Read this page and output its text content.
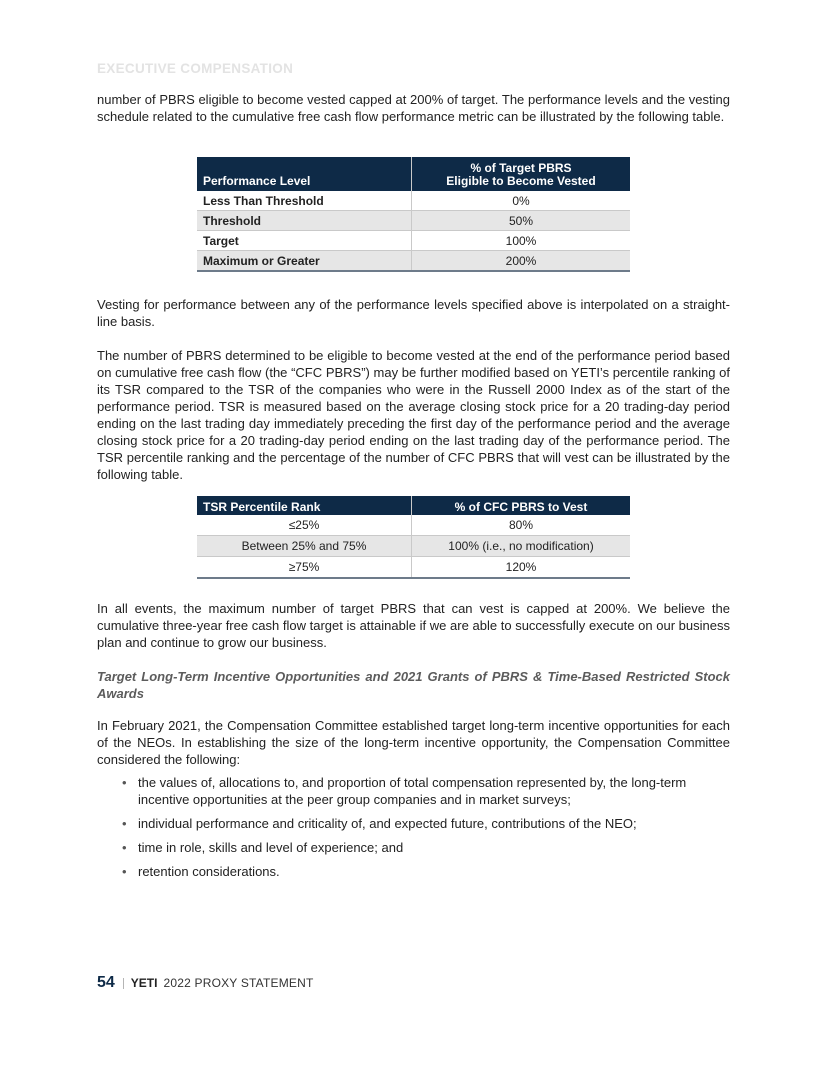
EXECUTIVE COMPENSATION

number of PBRS eligible to become vested capped at 200% of target. The performance levels and the vesting schedule related to the cumulative free cash flow performance metric can be illustrated by the following table.

Performance Level	% of Target PBRS
Eligible to Become Vested

Less Than Threshold	0%
Threshold	50%
Target	100%
Maximum or Greater	200%

Vesting for performance between any of the performance levels specified above is interpolated on a straight-line basis.

The number of PBRS determined to be eligible to become vested at the end of the performance period based on cumulative free cash flow (the “CFC PBRS”) may be further modified based on YETI’s percentile ranking of its TSR compared to the TSR of the companies who were in the Russell 2000 Index as of the start of the performance period. TSR is measured based on the average closing stock price for a 20 trading-day period ending on the last trading day immediately preceding the first day of the performance period and the average closing stock price for a 20 trading-day period ending on the last trading day of the performance period. The TSR percentile ranking and the percentage of the number of CFC PBRS that will vest can be illustrated by the following table.

TSR Percentile Rank	% of CFC PBRS to Vest
≤25%	80%
Between 25% and 75%	100% (i.e., no modification)
≥75%	120%

In all events, the maximum number of target PBRS that can vest is capped at 200%. We believe the cumulative three-year free cash flow target is attainable if we are able to successfully execute on our business plan and continue to grow our business.

Target Long-Term Incentive Opportunities and 2021 Grants of PBRS & Time-Based Restricted Stock Awards

In February 2021, the Compensation Committee established target long-term incentive opportunities for each of the NEOs. In establishing the size of the long-term incentive opportunity, the Compensation Committee considered the following:

• the values of, allocations to, and proportion of total compensation represented by, the long-term incentive opportunities at the peer group companies and in market surveys;
• individual performance and criticality of, and expected future, contributions of the NEO;
• time in role, skills and level of experience; and
• retention considerations.
54 YETI 2022 PROXY STATEMENT
